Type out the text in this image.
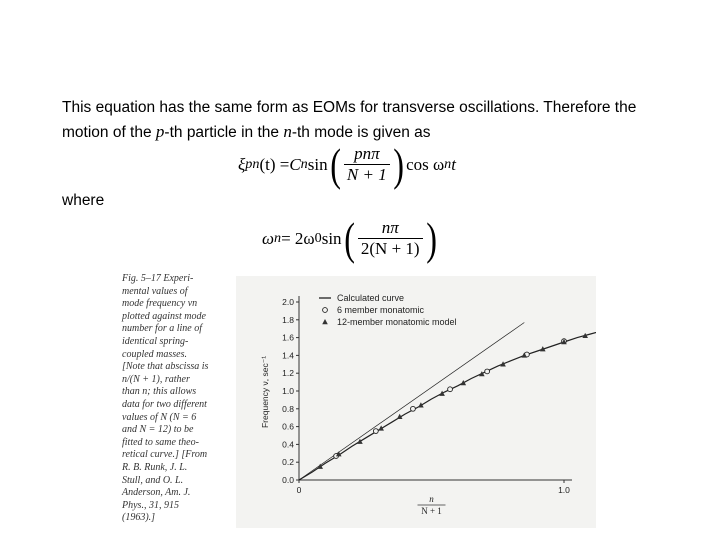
This equation has the same form as EOMs for transverse oscillations. Therefore the motion of the p-th particle in the n-th mode is given as

ξ pn (t) = C n sin ( $\frac{\text{pnπ}}{N + 1}$ ) cos ω n t
where
ω n = 2ω 0 sin ( $\frac{n\pi}{2(N + 1)}$ )
Fig. 5–17 Experi-
mental values of
mode frequency νn
plotted against mode
number for a line of
identical spring-
coupled masses.
[Note that abscissa is
n/(N + 1), rather
than n; this allows
data for two different
values of N (N = 6
and N = 12) to be
fitted to same theo-
retical curve.] [From
R. B. Runk, J. L.
Stull, and O. L.
Anderson, Am. J.
Phys., 31, 915
(1963).]
0.0
0.2
0.4
0.6
0.8
1.0
1.2
1.4
1.6
1.8
2.0
0	1.0
Frequency ν, sec⁻¹
n
N + 1
Calculated curve
6 member monatomic
12-member monatomic model
